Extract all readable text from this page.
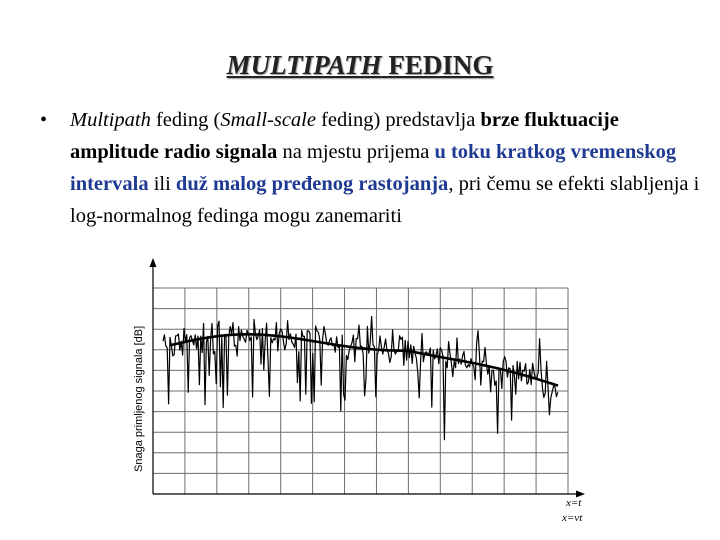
MULTIPATH FEDING
• Multipath feding (Small-scale feding) predstavlja brze fluktuacije amplitude radio signala na mjestu prijema u toku kratkog vremenskog intervala ili duž malog pređenog rastojanja, pri čemu se efekti slabljenja i log-normalnog fedinga mogu zanemariti
Snaga primljenog signala [dB]
x=t
x=vt
